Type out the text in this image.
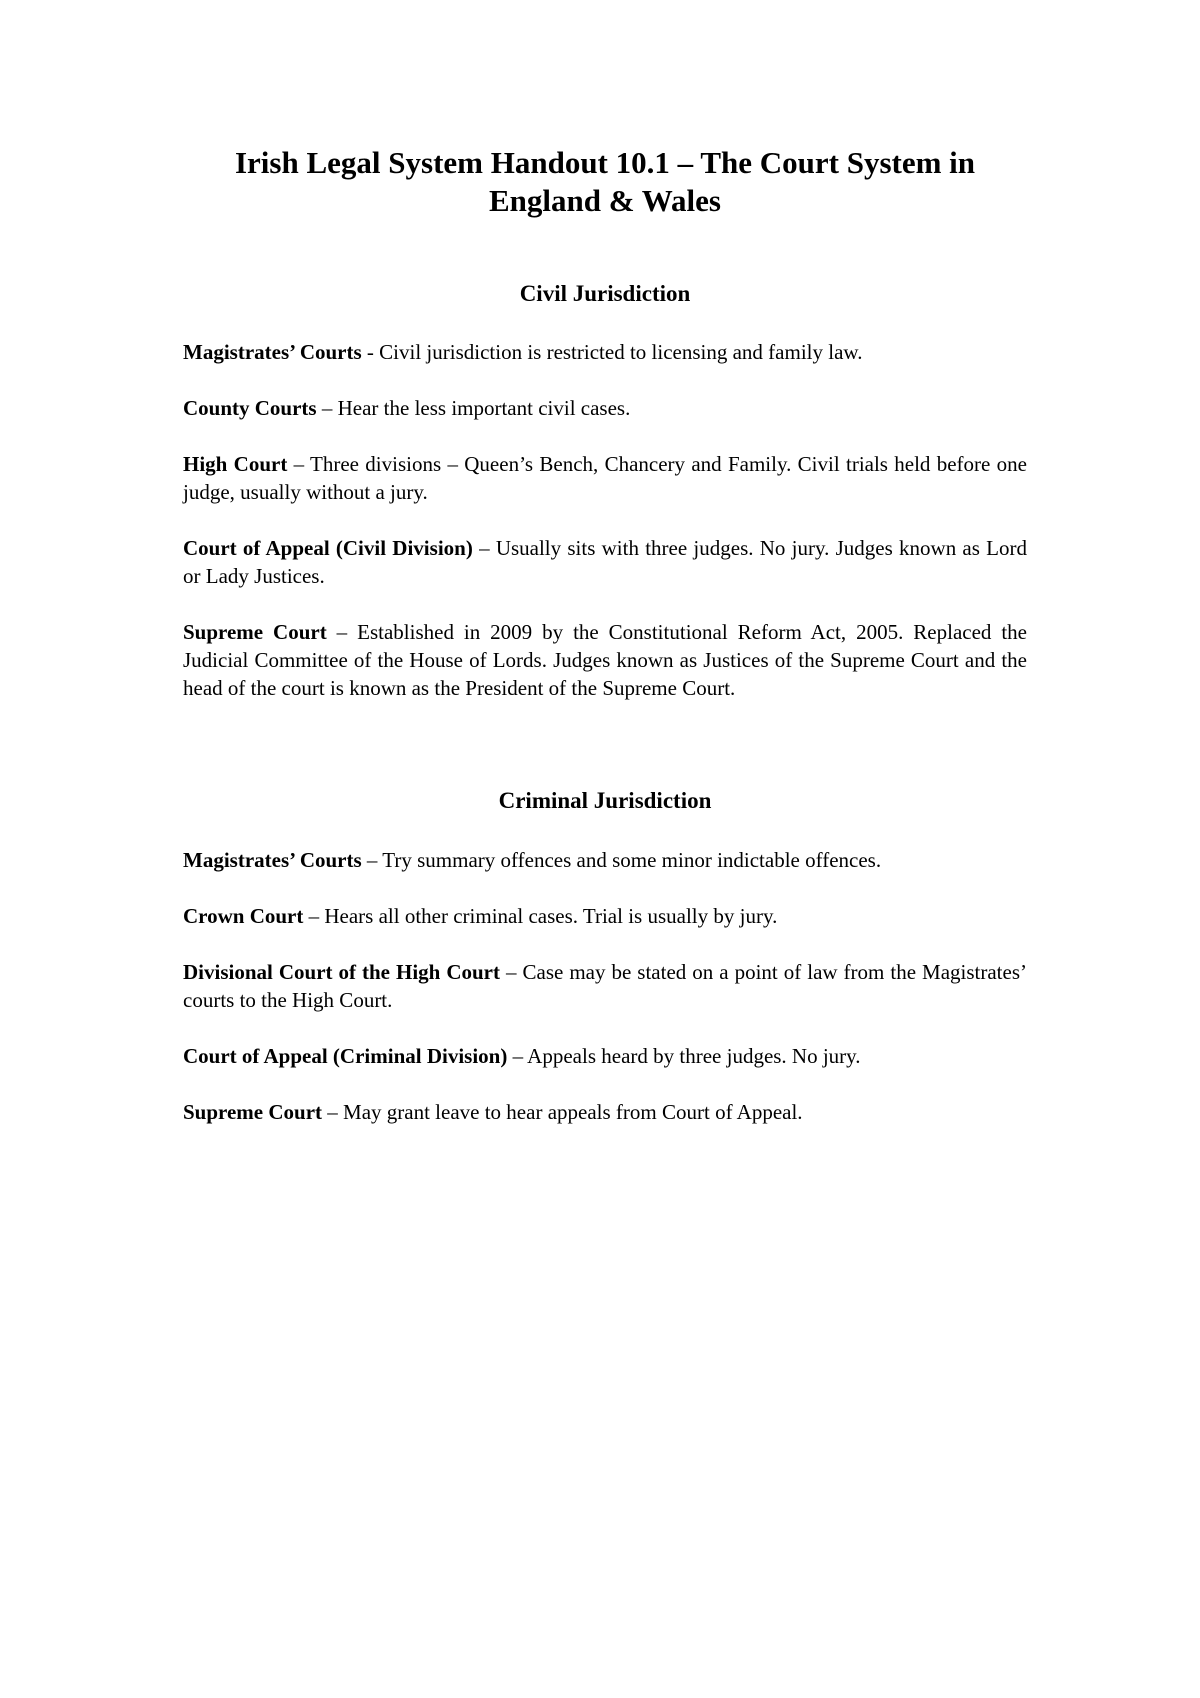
Irish Legal System Handout 10.1 – The Court System in England & Wales
Civil Jurisdiction

Magistrates’ Courts - Civil jurisdiction is restricted to licensing and family law.

County Courts – Hear the less important civil cases.

High Court – Three divisions – Queen’s Bench, Chancery and Family. Civil trials held before one judge, usually without a jury.

Court of Appeal (Civil Division) – Usually sits with three judges. No jury. Judges known as Lord or Lady Justices.

Supreme Court – Established in 2009 by the Constitutional Reform Act, 2005. Replaced the Judicial Committee of the House of Lords. Judges known as Justices of the Supreme Court and the head of the court is known as the President of the Supreme Court.

Criminal Jurisdiction

Magistrates’ Courts – Try summary offences and some minor indictable offences.

Crown Court – Hears all other criminal cases. Trial is usually by jury.

Divisional Court of the High Court – Case may be stated on a point of law from the Magistrates’ courts to the High Court.

Court of Appeal (Criminal Division) – Appeals heard by three judges. No jury.

Supreme Court – May grant leave to hear appeals from Court of Appeal.
